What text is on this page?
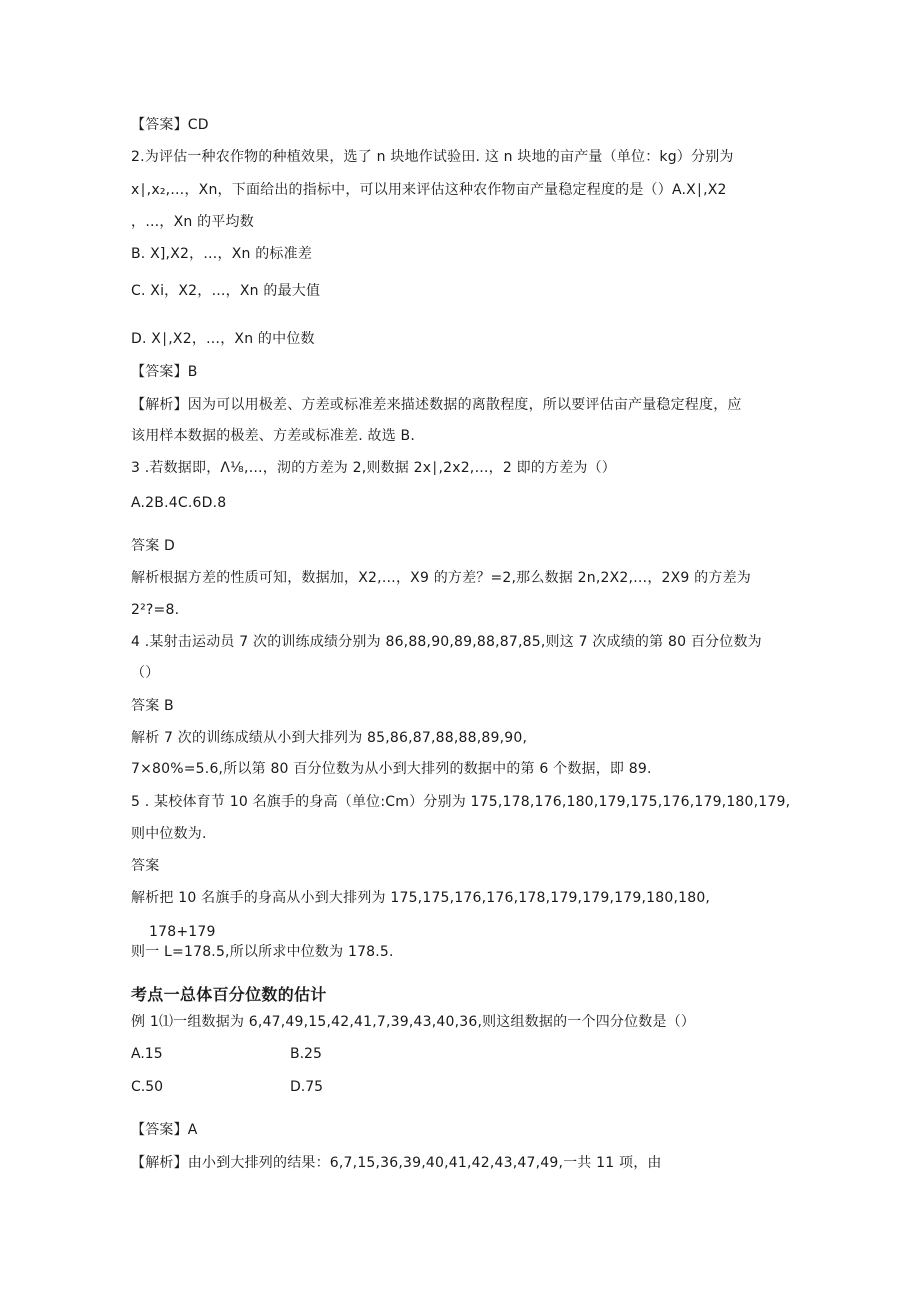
【答案】CD
2.为评估一种农作物的种植效果，选了 n 块地作试验田. 这 n 块地的亩产量（单位：kg）分别为
x∣,x₂,…，Xn，下面给出的指标中，可以用来评估这种农作物亩产量稳定程度的是（）A.X∣,X2
，…，Xn 的平均数
B. X],X2，…，Xn 的标准差
C. Xi，X2，…，Xn 的最大值
D. X∣,X2，…，Xn 的中位数
【答案】B
【解析】因为可以用极差、方差或标准差来描述数据的离散程度，所以要评估亩产量稳定程度，应
该用样本数据的极差、方差或标准差. 故选 B.
3 .若数据即，Λ⅛,…，沏的方差为 2,则数据 2x∣,2x2,…，2 即的方差为（）
A.2B.4C.6D.8
答案 D
解析根据方差的性质可知，数据加，X2,…，X9 的方差？=2,那么数据 2n,2X2,…，2X9 的方差为
2²?=8.
4 .某射击运动员 7 次的训练成绩分别为 86,88,90,89,88,87,85,则这 7 次成绩的第 80 百分位数为
（）
答案 B
解析 7 次的训练成绩从小到大排列为 85,86,87,88,88,89,90,
7×80%=5.6,所以第 80 百分位数为从小到大排列的数据中的第 6 个数据，即 89.
5 . 某校体育节 10 名旗手的身高（单位:Cm）分别为 175,178,176,180,179,175,176,179,180,179,
则中位数为.
答案
解析把 10 名旗手的身高从小到大排列为 175,175,176,176,178,179,179,179,180,180,
178+179
则一 L=178.5,所以所求中位数为 178.5.
考点一总体百分位数的估计
例 1⑴一组数据为 6,47,49,15,42,41,7,39,43,40,36,则这组数据的一个四分位数是（）
A.15	B.25
C.50	D.75
【答案】A
【解析】由小到大排列的结果：6,7,15,36,39,40,41,42,43,47,49,一共 11 项，由
